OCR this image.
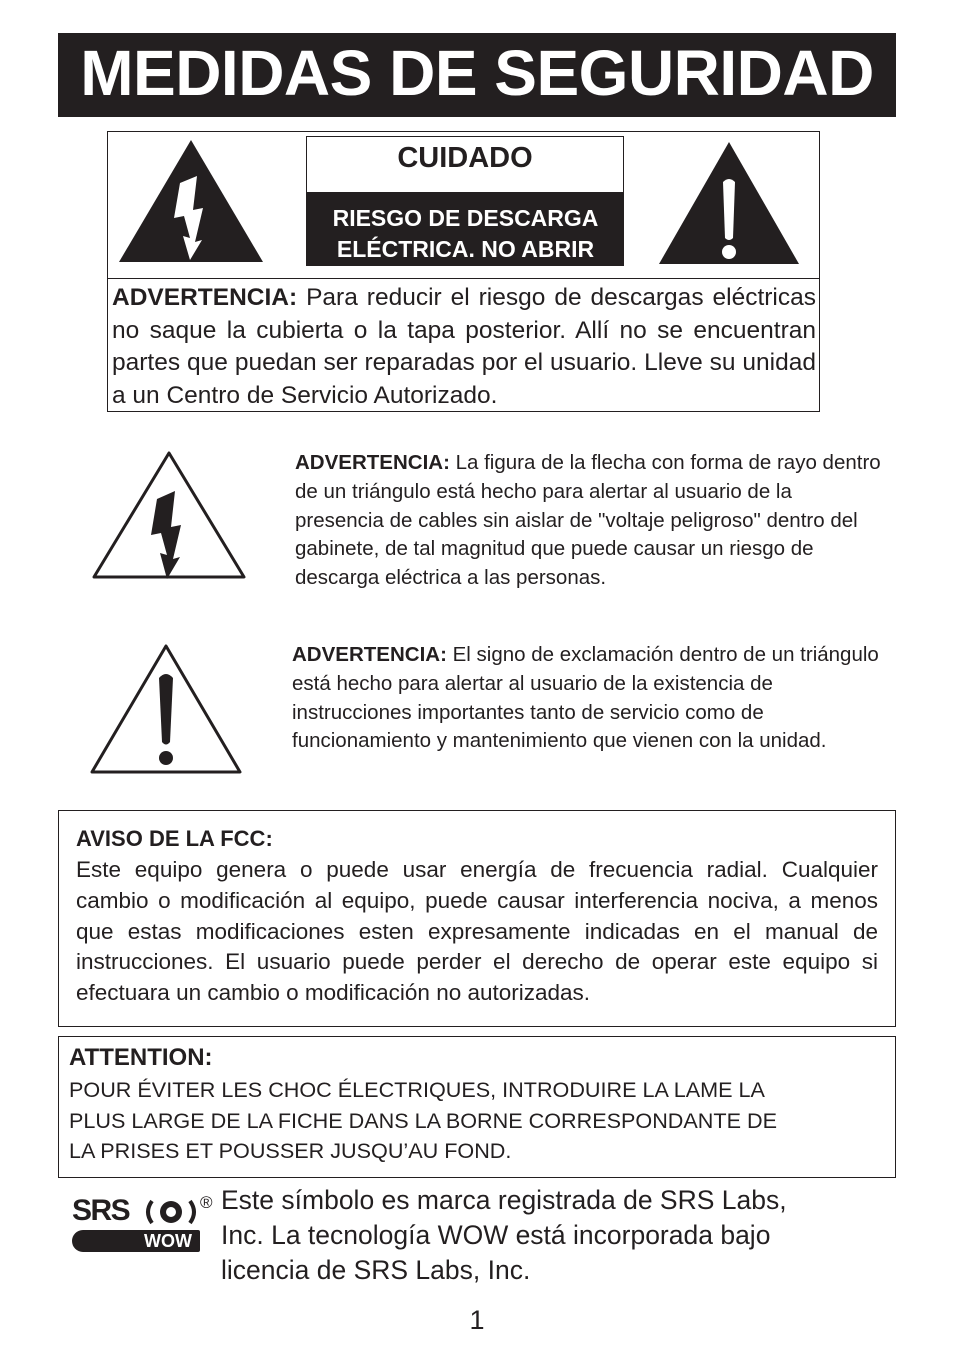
MEDIDAS DE SEGURIDAD
CUIDADO
RIESGO DE DESCARGA
ELÉCTRICA. NO ABRIR
ADVERTENCIA: Para reducir el riesgo de descargas eléctricas no saque la cubierta o la tapa posterior. Allí no se encuentran partes que puedan ser reparadas por el usuario. Lleve su unidad a un Centro de Servicio Autorizado.
ADVERTENCIA: La figura de la flecha con forma de rayo dentro de un triángulo está hecho para alertar al usuario de la presencia de cables sin aislar de "voltaje peligroso" dentro del gabinete, de tal magnitud que puede causar un riesgo de descarga eléctrica a las personas.
ADVERTENCIA: El signo de exclamación dentro de un triángulo está hecho para alertar al usuario de la existencia de instrucciones importantes tanto de servicio como de funcionamiento y mantenimiento que vienen con la unidad.
AVISO DE LA FCC:
Este equipo genera o puede usar energía de frecuencia radial. Cualquier cambio o modificación al equipo, puede causar interferencia nociva, a menos que estas modificaciones esten expresamente indicadas en el manual de instrucciones. El usuario puede perder el derecho de operar este equipo si efectuara un cambio o modificación no autorizadas.
ATTENTION:
POUR ÉVITER LES CHOC ÉLECTRIQUES, INTRODUIRE LA LAME LA
PLUS LARGE DE LA FICHE DANS LA BORNE CORRESPONDANTE DE
LA PRISES ET POUSSER JUSQU’AU FOND.
SRS	®
WOW
Este símbolo es marca registrada de SRS Labs,
Inc. La tecnología WOW está incorporada bajo
licencia de SRS Labs, Inc.
1
